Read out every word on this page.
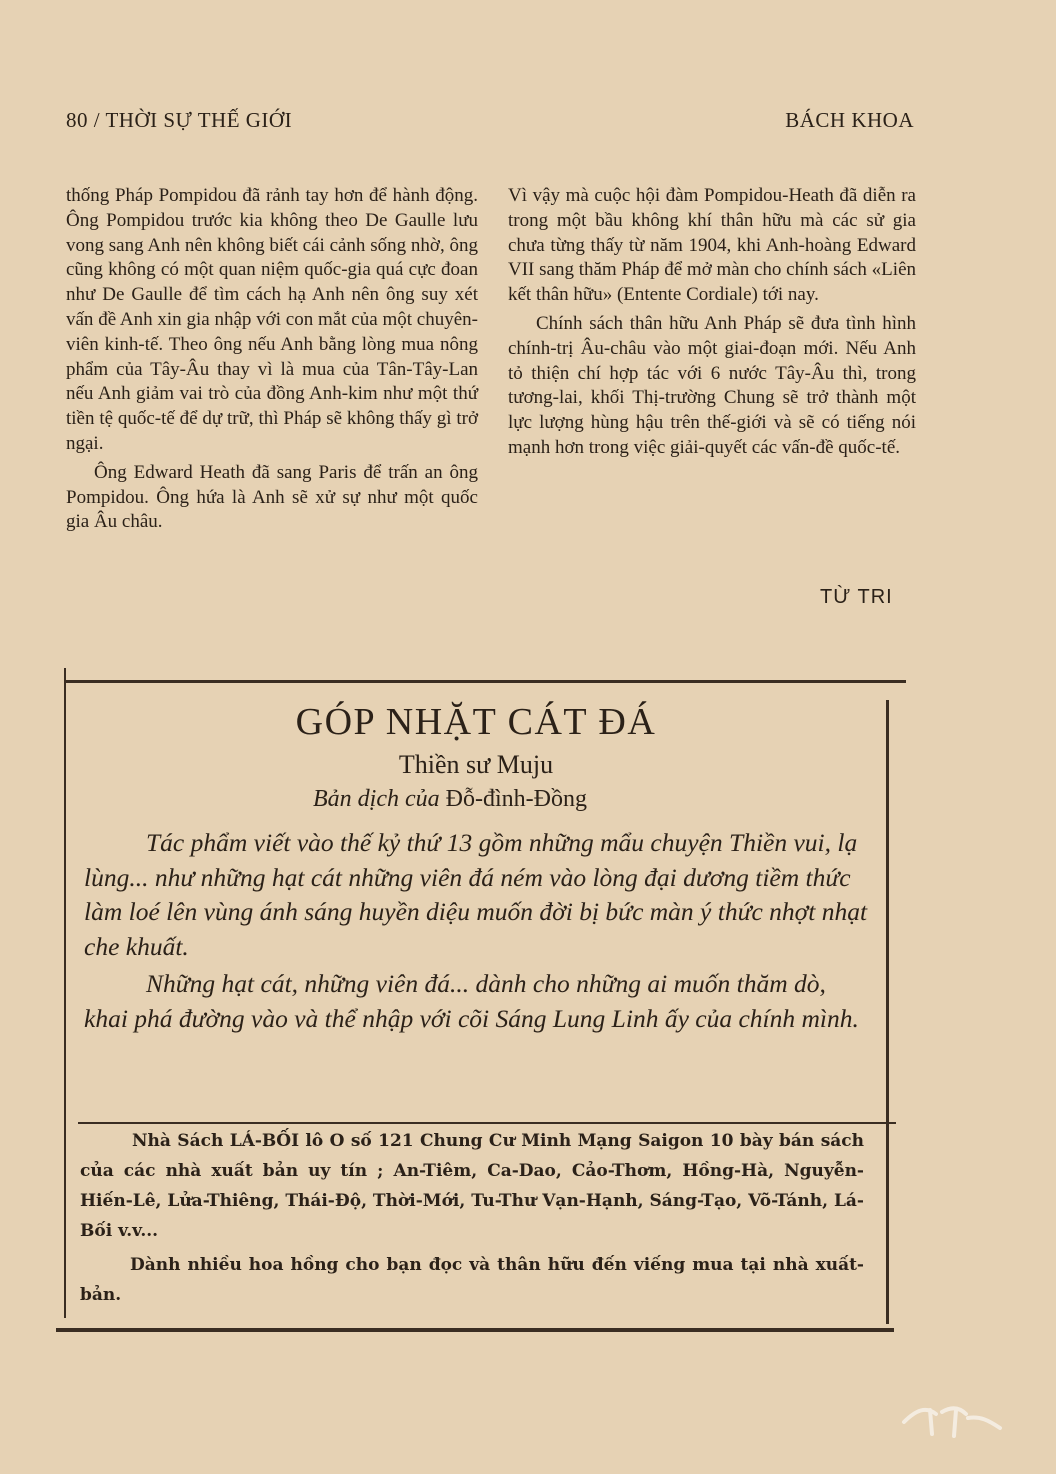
80 / THỜI SỰ THẾ GIỚI	BÁCH KHOA

thống Pháp Pompidou đã rảnh tay hơn để hành động. Ông Pompidou trước kia không theo De Gaulle lưu vong sang Anh nên không biết cái cảnh sống nhờ, ông cũng không có một quan niệm quốc-gia quá cực đoan như De Gaulle để tìm cách hạ Anh nên ông suy xét vấn đề Anh xin gia nhập với con mắt của một chuyên-viên kinh-tế. Theo ông nếu Anh bằng lòng mua nông phẩm của Tây-Âu thay vì là mua của Tân-Tây-Lan nếu Anh giảm vai trò của đồng Anh-kim như một thứ tiền tệ quốc-tế để dự trữ, thì Pháp sẽ không thấy gì trở ngại.

Ông Edward Heath đã sang Paris để trấn an ông Pompidou. Ông hứa là Anh sẽ xử sự như một quốc gia Âu châu.

Vì vậy mà cuộc hội đàm Pompidou-Heath đã diễn ra trong một bầu không khí thân hữu mà các sử gia chưa từng thấy từ năm 1904, khi Anh-hoàng Edward VII sang thăm Pháp để mở màn cho chính sách «Liên kết thân hữu» (Entente Cordiale) tới nay.

Chính sách thân hữu Anh Pháp sẽ đưa tình hình chính-trị Âu-châu vào một giai-đoạn mới. Nếu Anh tỏ thiện chí hợp tác với 6 nước Tây-Âu thì, trong tương-lai, khối Thị-trường Chung sẽ trở thành một lực lượng hùng hậu trên thế-giới và sẽ có tiếng nói mạnh hơn trong việc giải-quyết các vấn-đề quốc-tế.

TỪ TRI
GÓP NHẶT CÁT ĐÁ
Thiền sư Muju
Bản dịch của Đỗ-đình-Đồng

Tác phẩm viết vào thế kỷ thứ 13 gồm những mẩu chuyện Thiền vui, lạ lùng... như những hạt cát những viên đá ném vào lòng đại dương tiềm thức làm loé lên vùng ánh sáng huyền diệu muốn đời bị bức màn ý thức nhợt nhạt che khuất.

Những hạt cát, những viên đá... dành cho những ai muốn thăm dò, khai phá đường vào và thể nhập với cõi Sáng Lung Linh ấy của chính mình.

Nhà Sách LÁ-BỐI lô O số 121 Chung Cư Minh Mạng Saigon 10 bày bán sách của các nhà xuất bản uy tín ; An-Tiêm, Ca-Dao, Cảo-Thơm, Hồng-Hà, Nguyễn-Hiến-Lê, Lửa-Thiêng, Thái-Độ, Thời-Mới, Tu-Thư Vạn-Hạnh, Sáng-Tạo, Võ-Tánh, Lá-Bối v.v...

Dành nhiều hoa hồng cho bạn đọc và thân hữu đến viếng mua tại nhà xuất-bản.
